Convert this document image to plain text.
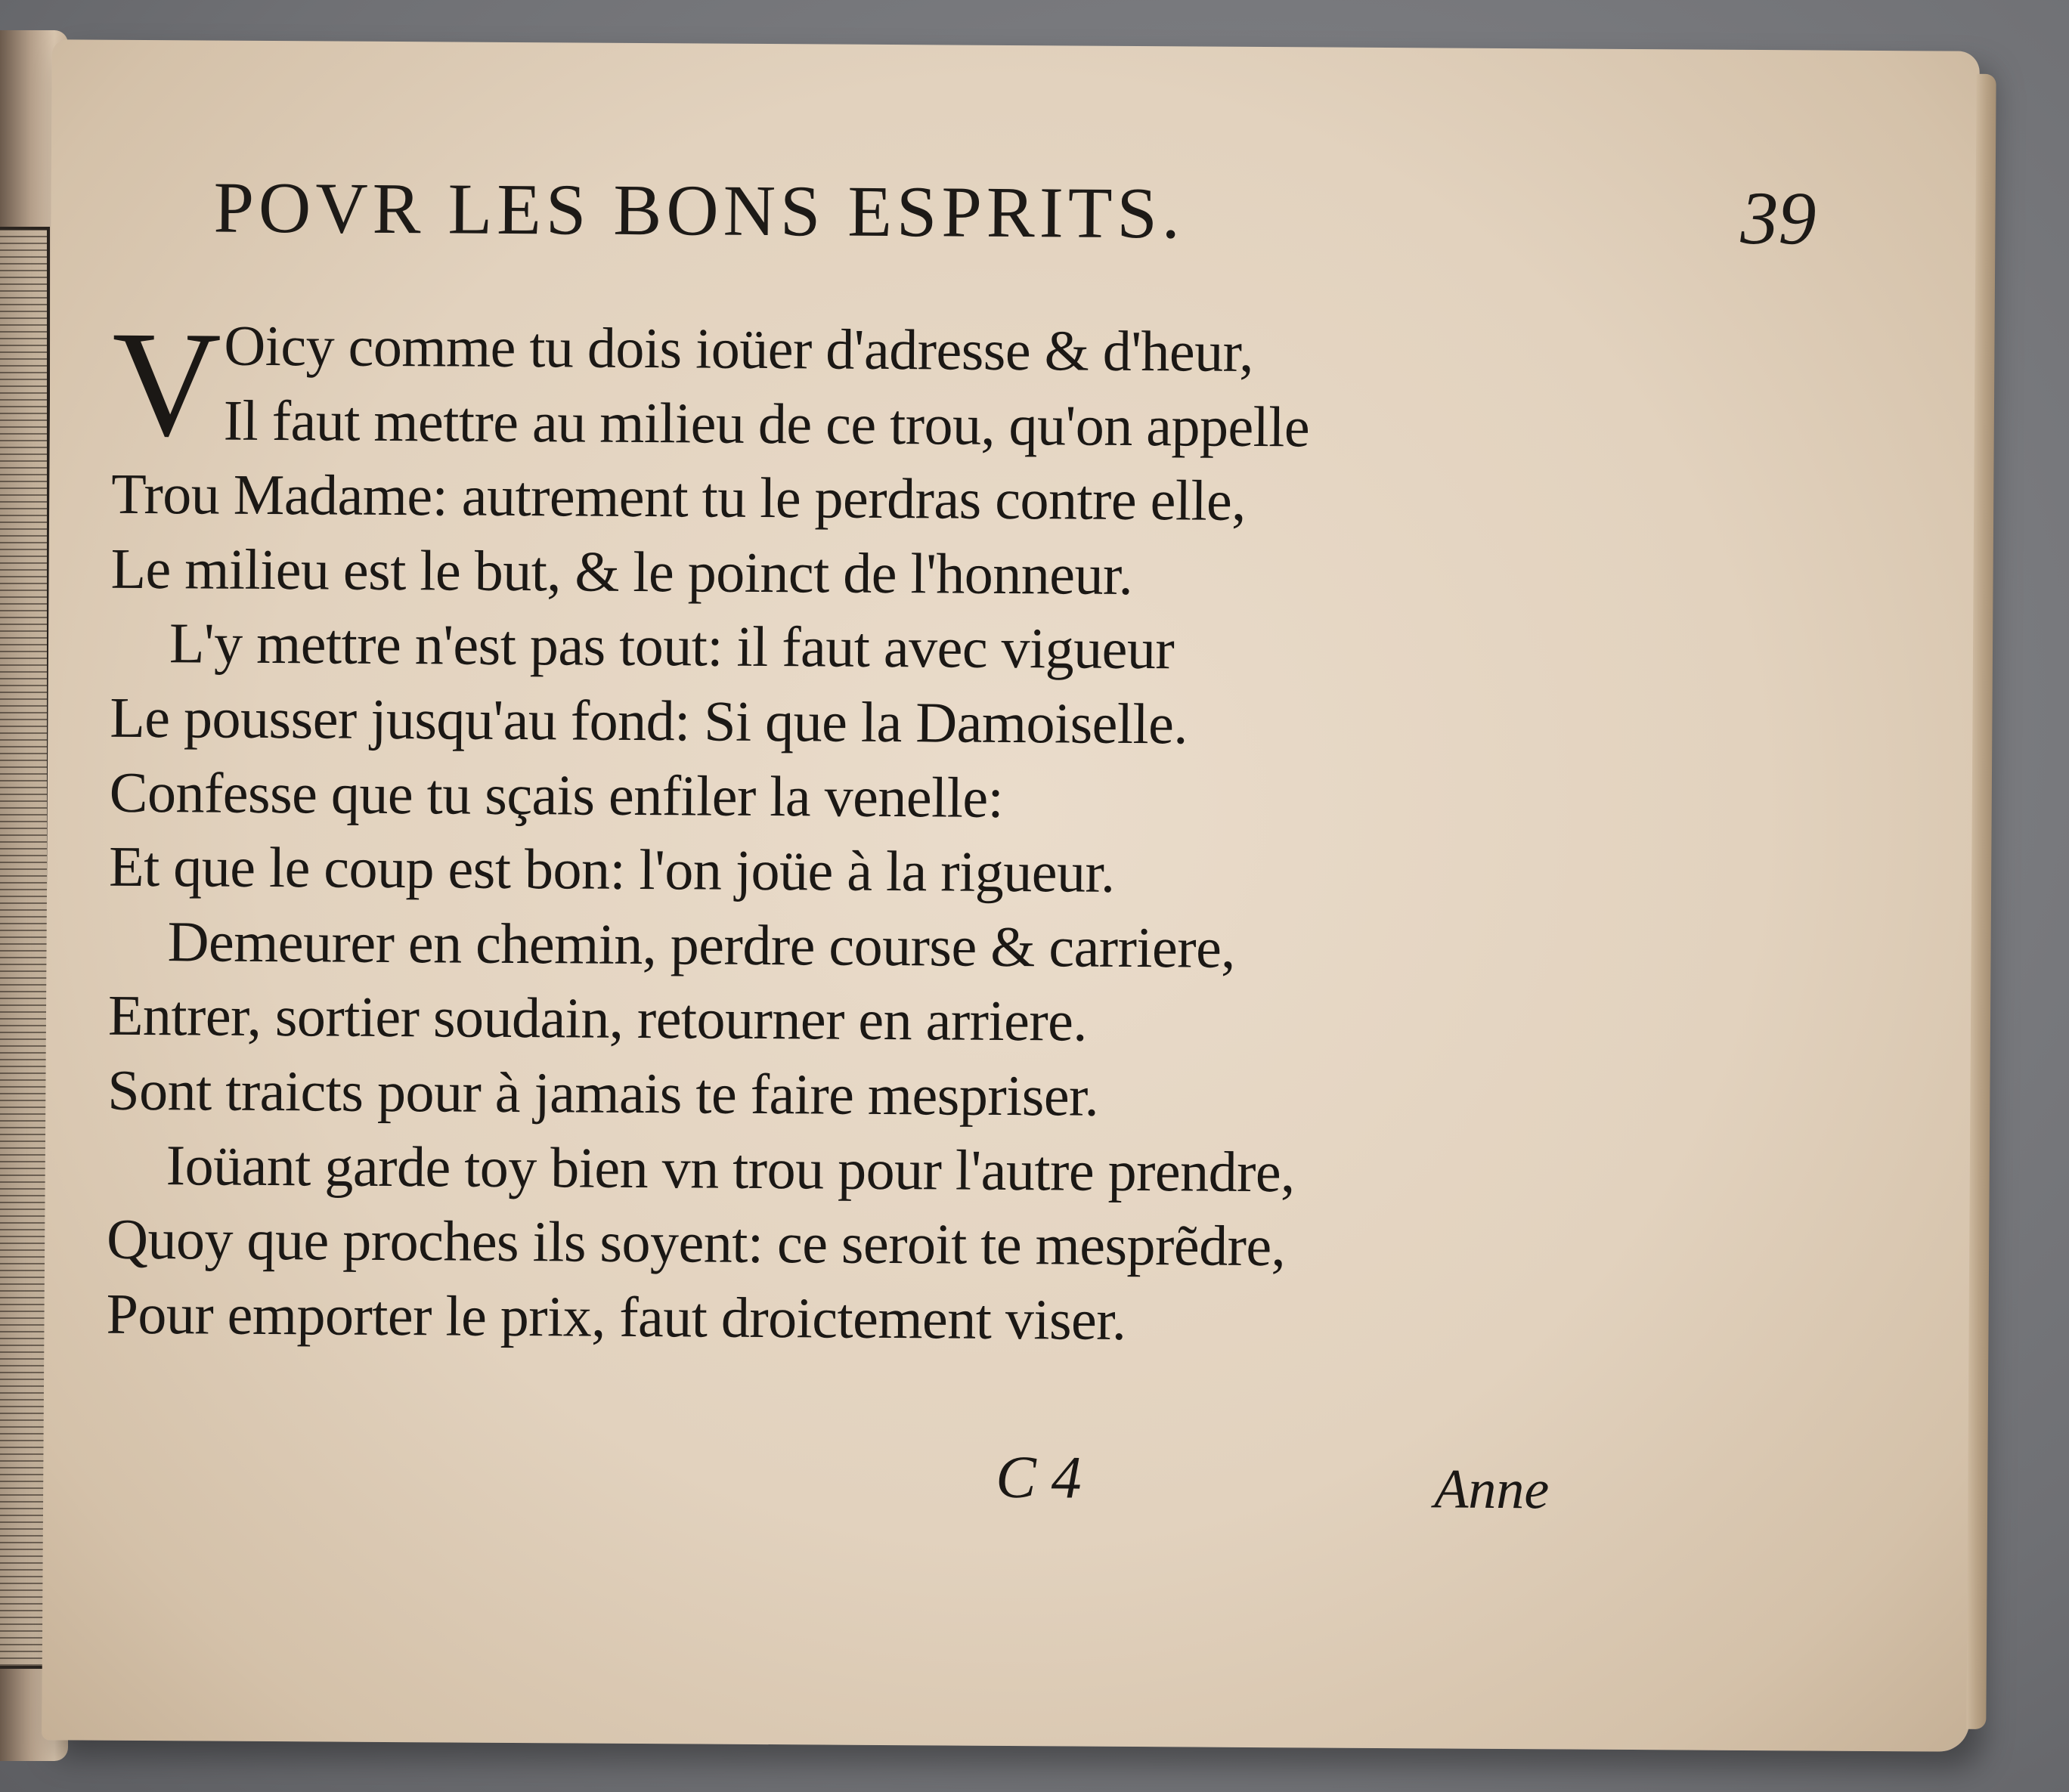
POVR LES BONS ESPRITS.	39
V Oicy comme tu dois ioüer d'adresse & d'heur,
Il faut mettre au milieu de ce trou, qu'on appelle
Trou Madame: autrement tu le perdras contre elle,
Le milieu est le but, & le poinct de l'honneur.
L'y mettre n'est pas tout: il faut avec vigueur
Le pousser jusqu'au fond: Si que la Damoiselle.
Confesse que tu sçais enfiler la venelle:
Et que le coup est bon: l'on joüe à la rigueur.
Demeurer en chemin, perdre course & carriere,
Entrer, sortier soudain, retourner en arriere.
Sont traicts pour à jamais te faire mespriser.
Ioüant garde toy bien vn trou pour l'autre prendre,
Quoy que proches ils soyent: ce seroit te mesprẽdre,
Pour emporter le prix, faut droictement viser.
C 4	Anne
